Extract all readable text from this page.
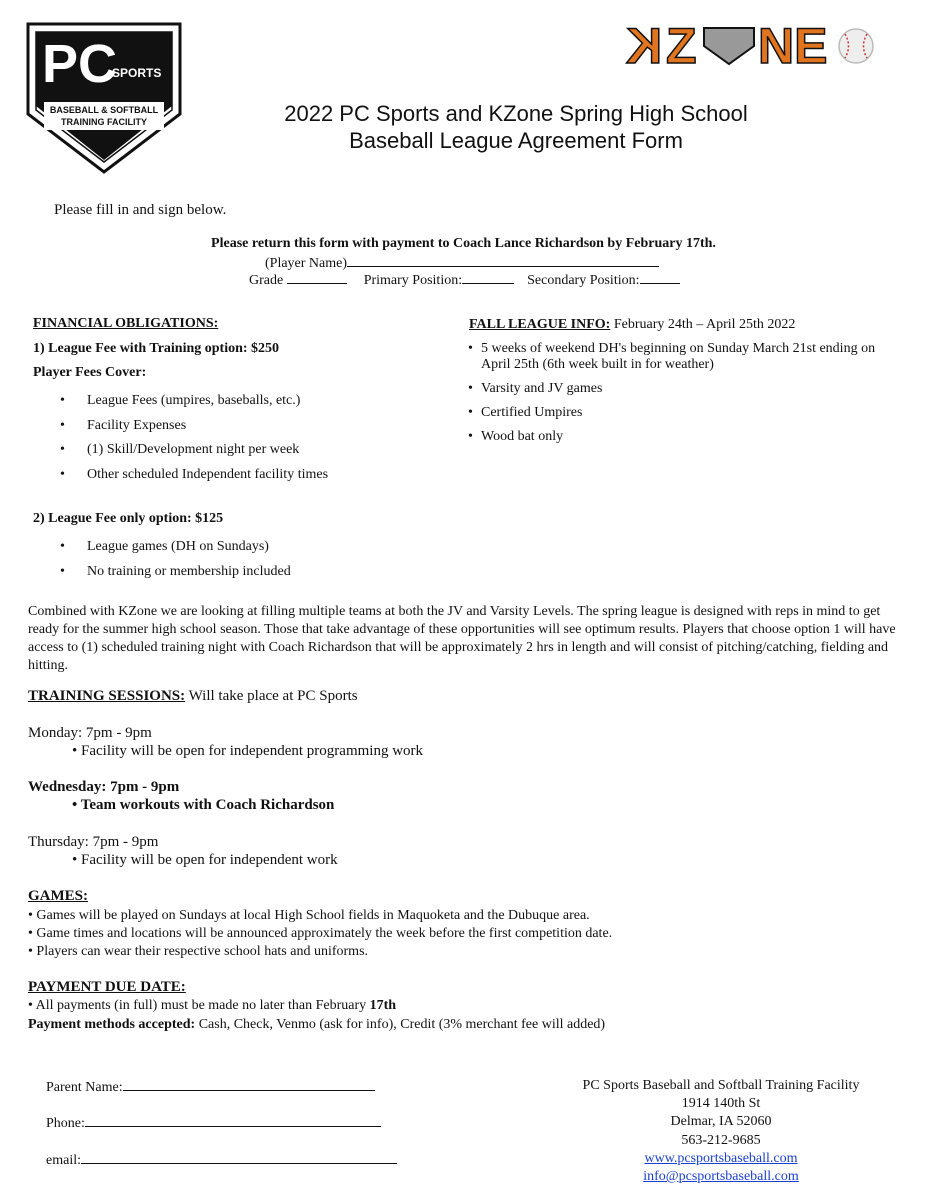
PC
SPORTS
BASEBALL & SOFTBALL
TRAINING FACILITY
K Z NE
2022 PC Sports and KZone Spring High School
Baseball League Agreement Form
Please fill in and sign below.
Please return this form with payment to Coach Lance Richardson by February 17th.
(Player Name)
Grade	Primary Position:	Secondary Position:
FINANCIAL OBLIGATIONS:
1) League Fee with Training option: $250
Player Fees Cover:
• League Fees (umpires, baseballs, etc.)
• Facility Expenses
• (1) Skill/Development night per week
• Other scheduled Independent facility times
2) League Fee only option: $125
• League games (DH on Sundays)
• No training or membership included
FALL LEAGUE INFO: February 24th – April 25th 2022
• 5 weeks of weekend DH's beginning on Sunday March 21st ending on April 25th (6th week built in for weather)
• Varsity and JV games
• Certified Umpires
• Wood bat only
Combined with KZone we are looking at filling multiple teams at both the JV and Varsity Levels. The spring league is designed with reps in mind to get ready for the summer high school season. Those that take advantage of these opportunities will see optimum results. Players that choose option 1 will have access to (1) scheduled training night with Coach Richardson that will be approximately 2 hrs in length and will consist of pitching/catching, fielding and hitting.
TRAINING SESSIONS: Will take place at PC Sports
Monday: 7pm - 9pm
• Facility will be open for independent programming work
Wednesday: 7pm - 9pm
• Team workouts with Coach Richardson
Thursday: 7pm - 9pm
• Facility will be open for independent work
GAMES:
• Games will be played on Sundays at local High School fields in Maquoketa and the Dubuque area.
• Game times and locations will be announced approximately the week before the first competition date.
• Players can wear their respective school hats and uniforms.
PAYMENT DUE DATE:
• All payments (in full) must be made no later than February 17th
Payment methods accepted: Cash, Check, Venmo (ask for info), Credit (3% merchant fee will added)
Parent Name:
Phone:
email:
PC Sports Baseball and Softball Training Facility
1914 140th St
Delmar, IA 52060
563-212-9685
www.pcsportsbaseball.com
info@pcsportsbaseball.com
